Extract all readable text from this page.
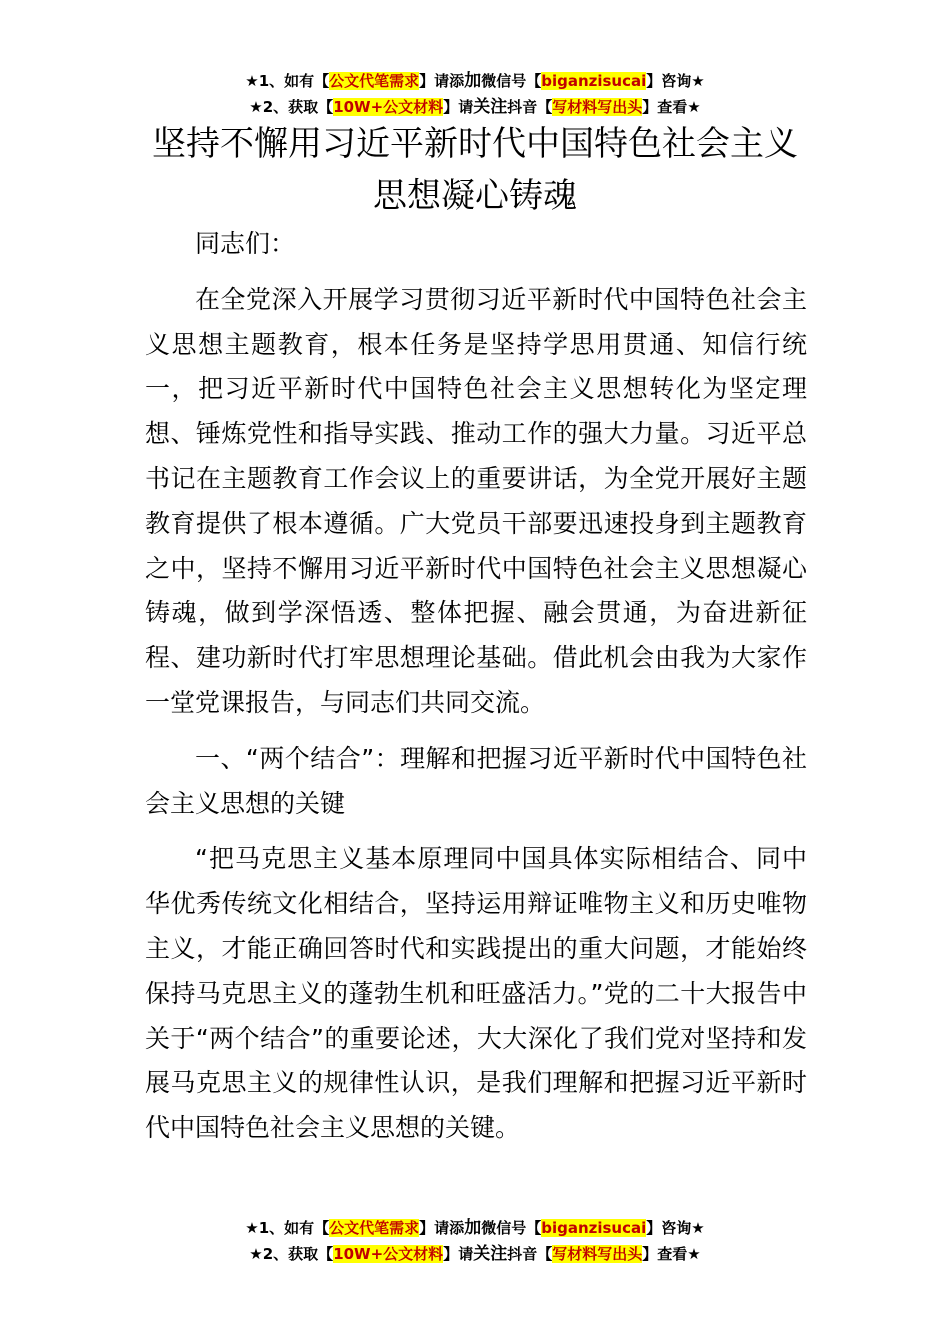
★1、如有【公文代笔需求】请添加微信号【biganzisucai】咨询★
★2、获取【10W+公文材料】请关注抖音【写材料写出头】查看★
坚持不懈用习近平新时代中国特色社会主义
思想凝心铸魂

同志们：

在全党深入开展学习贯彻习近平新时代中国特色社会主义思想主题教育，根本任务是坚持学思用贯通、知信行统一，把习近平新时代中国特色社会主义思想转化为坚定理想、锤炼党性和指导实践、推动工作的强大力量。习近平总书记在主题教育工作会议上的重要讲话，为全党开展好主题教育提供了根本遵循。广大党员干部要迅速投身到主题教育之中，坚持不懈用习近平新时代中国特色社会主义思想凝心铸魂，做到学深悟透、整体把握、融会贯通，为奋进新征程、建功新时代打牢思想理论基础。借此机会由我为大家作一堂党课报告，与同志们共同交流。

一、“两个结合”：理解和把握习近平新时代中国特色社会主义思想的关键

“把马克思主义基本原理同中国具体实际相结合、同中华优秀传统文化相结合，坚持运用辩证唯物主义和历史唯物主义，才能正确回答时代和实践提出的重大问题，才能始终保持马克思主义的蓬勃生机和旺盛活力。”党的二十大报告中关于“两个结合”的重要论述，大大深化了我们党对坚持和发展马克思主义的规律性认识，是我们理解和把握习近平新时代中国特色社会主义思想的关键。

★1、如有【公文代笔需求】请添加微信号【biganzisucai】咨询★
★2、获取【10W+公文材料】请关注抖音【写材料写出头】查看★
